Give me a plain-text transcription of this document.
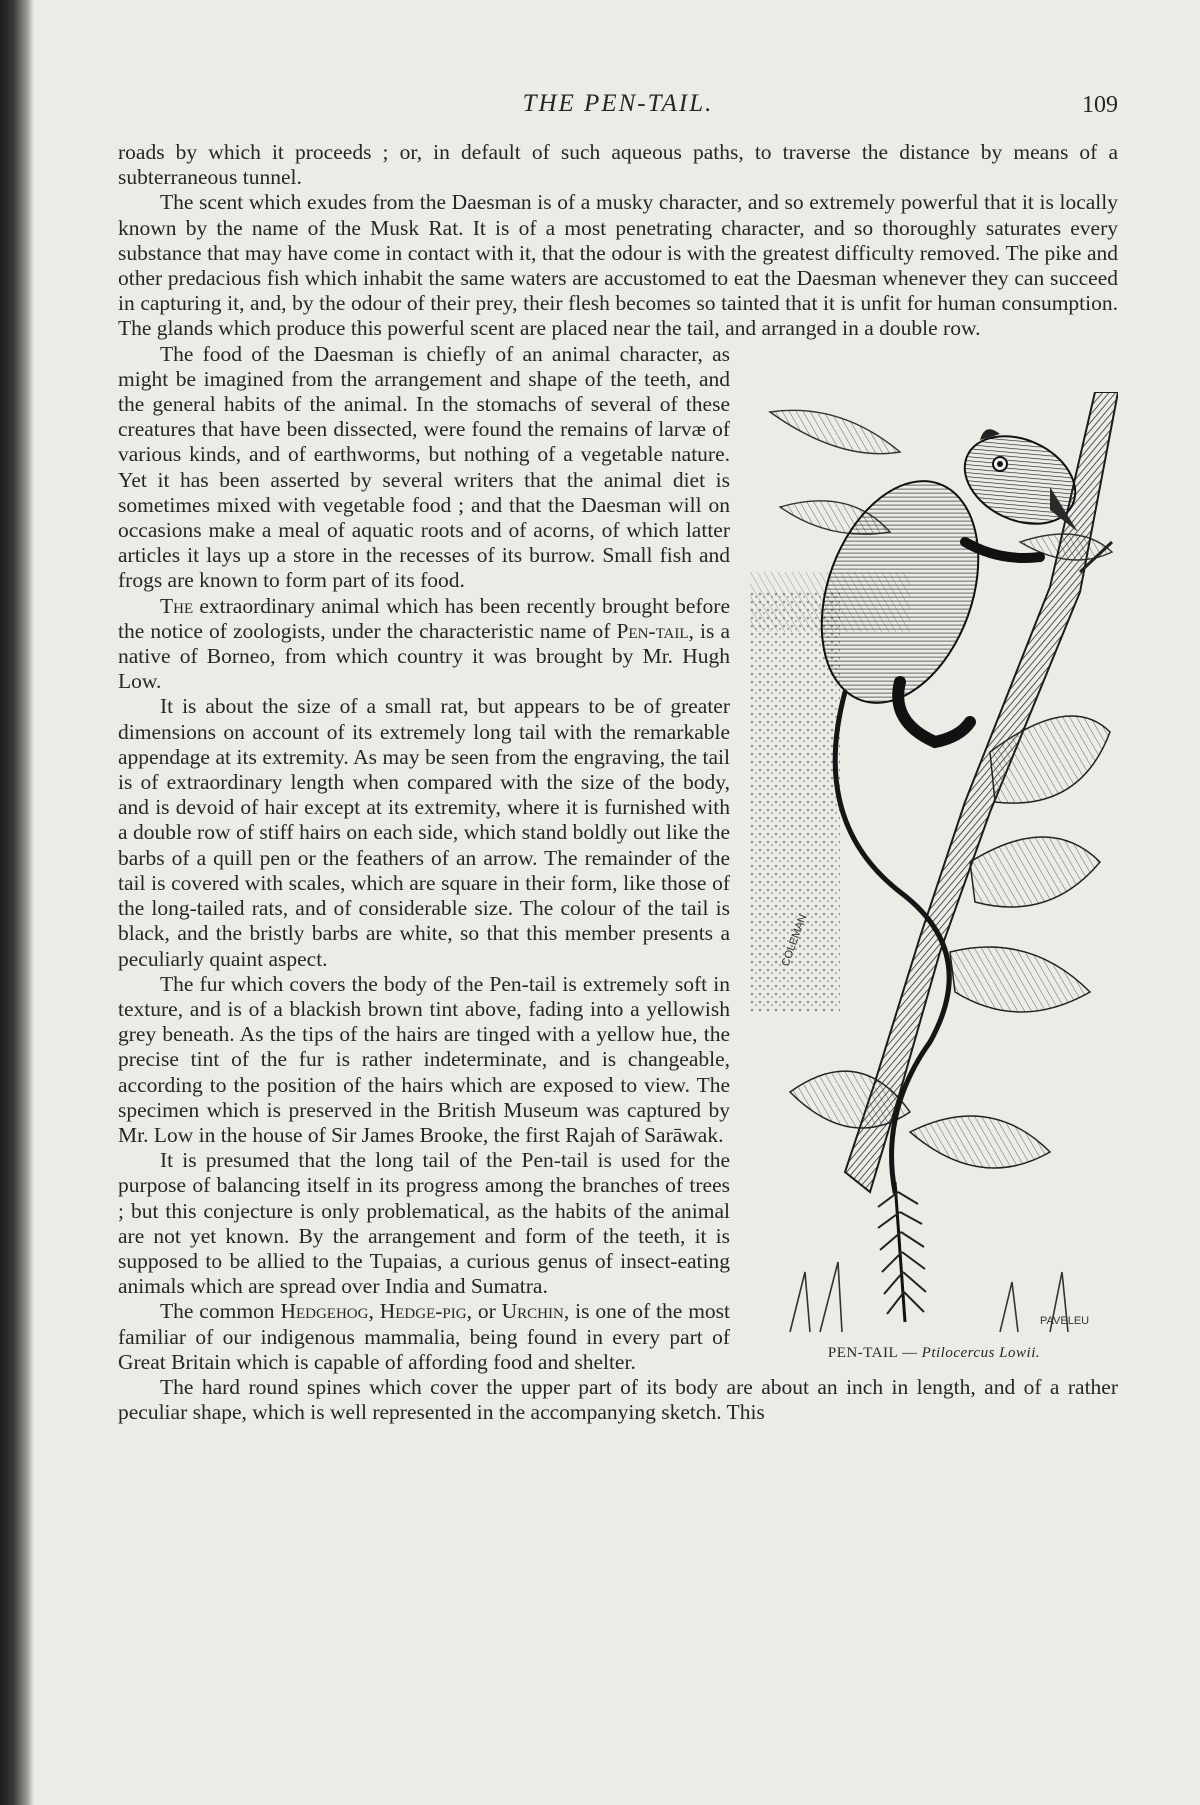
THE PEN-TAIL.	109

roads by which it proceeds ; or, in default of such aqueous paths, to traverse the distance by means of a subterraneous tunnel.

The scent which exudes from the Daesman is of a musky character, and so extremely powerful that it is locally known by the name of the Musk Rat. It is of a most penetrating character, and so thoroughly saturates every substance that may have come in contact with it, that the odour is with the greatest difficulty removed. The pike and other predacious fish which inhabit the same waters are accustomed to eat the Daesman whenever they can succeed in capturing it, and, by the odour of their prey, their flesh becomes so tainted that it is unfit for human consumption. The glands which produce this powerful scent are placed near the tail, and arranged in a double row.

COLEMAN
PAVELEU
PEN-TAIL — Ptilocercus Lowii.

The food of the Daesman is chiefly of an animal character, as might be imagined from the arrangement and shape of the teeth, and the general habits of the animal. In the stomachs of several of these creatures that have been dissected, were found the remains of larvæ of various kinds, and of earthworms, but nothing of a vegetable nature. Yet it has been asserted by several writers that the animal diet is sometimes mixed with vegetable food ; and that the Daesman will on occasions make a meal of aquatic roots and of acorns, of which latter articles it lays up a store in the recesses of its burrow. Small fish and frogs are known to form part of its food.

The extraordinary animal which has been recently brought before the notice of zoologists, under the characteristic name of Pen-tail, is a native of Borneo, from which country it was brought by Mr. Hugh Low.

It is about the size of a small rat, but appears to be of greater dimensions on account of its extremely long tail with the remarkable appendage at its extremity. As may be seen from the engraving, the tail is of extraordinary length when compared with the size of the body, and is devoid of hair except at its extremity, where it is furnished with a double row of stiff hairs on each side, which stand boldly out like the barbs of a quill pen or the feathers of an arrow. The remainder of the tail is covered with scales, which are square in their form, like those of the long-tailed rats, and of considerable size. The colour of the tail is black, and the bristly barbs are white, so that this member presents a peculiarly quaint aspect.

The fur which covers the body of the Pen-tail is extremely soft in texture, and is of a blackish brown tint above, fading into a yellowish grey beneath. As the tips of the hairs are tinged with a yellow hue, the precise tint of the fur is rather indeterminate, and is changeable, according to the position of the hairs which are exposed to view. The specimen which is preserved in the British Museum was captured by Mr. Low in the house of Sir James Brooke, the first Rajah of Sarāwak.

It is presumed that the long tail of the Pen-tail is used for the purpose of balancing itself in its progress among the branches of trees ; but this conjecture is only problematical, as the habits of the animal are not yet known. By the arrangement and form of the teeth, it is supposed to be allied to the Tupaias, a curious genus of insect-eating animals which are spread over India and Sumatra.

The common Hedgehog, Hedge-pig, or Urchin, is one of the most familiar of our indigenous mammalia, being found in every part of Great Britain which is capable of affording food and shelter.

The hard round spines which cover the upper part of its body are about an inch in length, and of a rather peculiar shape, which is well represented in the accompanying sketch. This
